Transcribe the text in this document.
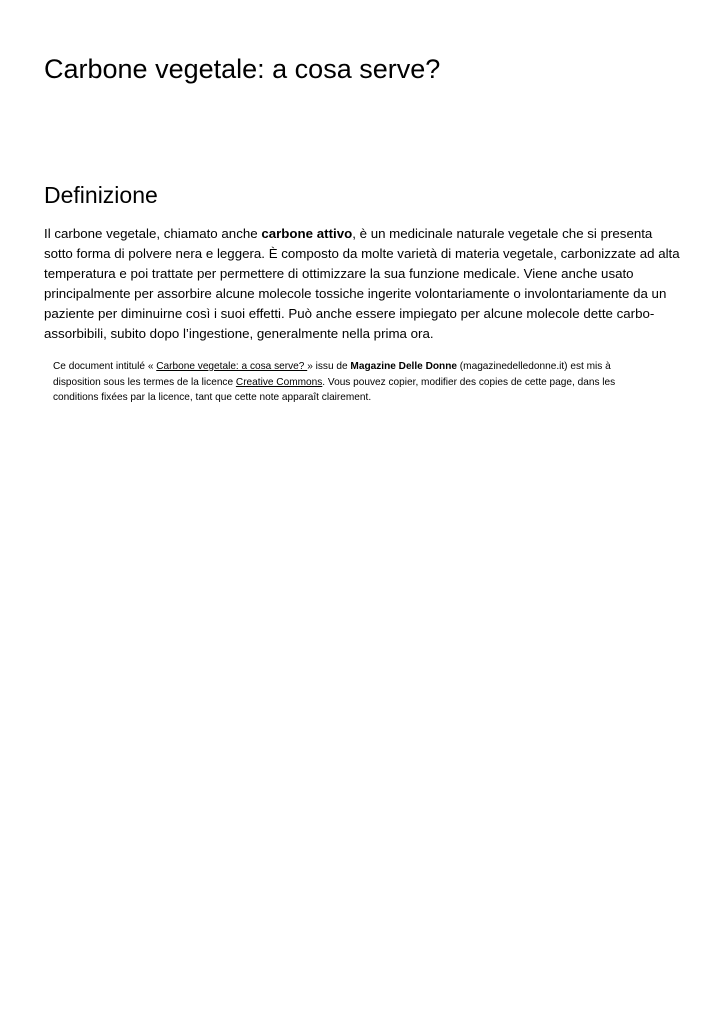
Carbone vegetale: a cosa serve?
Definizione

Il carbone vegetale, chiamato anche carbone attivo, è un medicinale naturale vegetale che si presenta sotto forma di polvere nera e leggera. È composto da molte varietà di materia vegetale, carbonizzate ad alta temperatura e poi trattate per permettere di ottimizzare la sua funzione medicale. Viene anche usato principalmente per assorbire alcune molecole tossiche ingerite volontariamente o involontariamente da un paziente per diminuirne così i suoi effetti. Può anche essere impiegato per alcune molecole dette carbo-assorbibili, subito dopo l’ingestione, generalmente nella prima ora.

Ce document intitulé « Carbone vegetale: a cosa serve? » issu de Magazine Delle Donne (magazinedelledonne.it) est mis à disposition sous les termes de la licence Creative Commons. Vous pouvez copier, modifier des copies de cette page, dans les conditions fixées par la licence, tant que cette note apparaît clairement.
